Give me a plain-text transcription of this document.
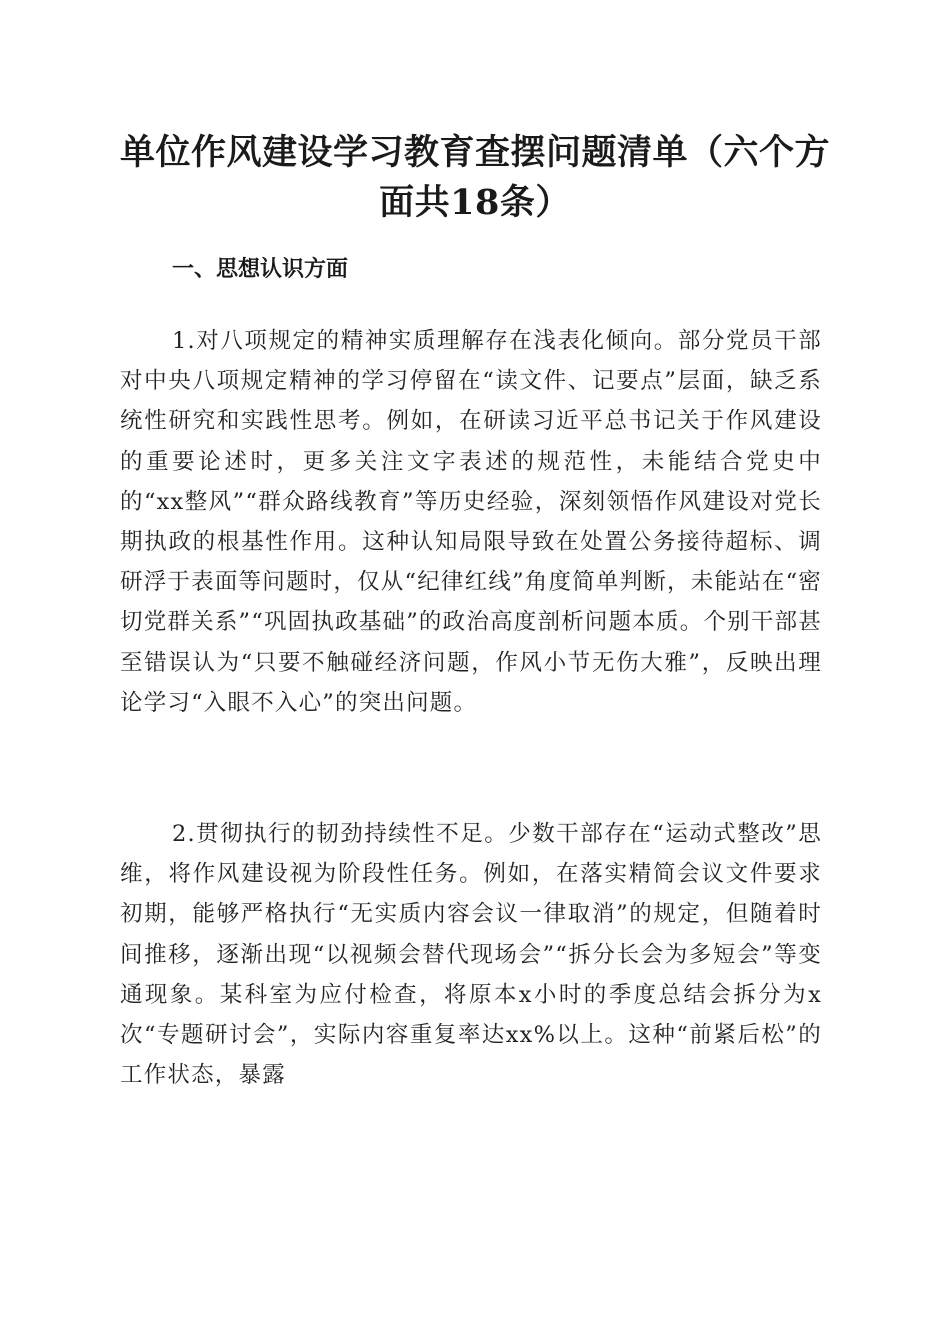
单位作风建设学习教育查摆问题清单（六个方面共18条）
一、思想认识方面

1.对八项规定的精神实质理解存在浅表化倾向。部分党员干部对中央八项规定精神的学习停留在“读文件、记要点”层面，缺乏系统性研究和实践性思考。例如，在研读习近平总书记关于作风建设的重要论述时，更多关注文字表述的规范性，未能结合党史中的“xx整风”“群众路线教育”等历史经验，深刻领悟作风建设对党长期执政的根基性作用。这种认知局限导致在处置公务接待超标、调研浮于表面等问题时，仅从“纪律红线”角度简单判断，未能站在“密切党群关系”“巩固执政基础”的政治高度剖析问题本质。个别干部甚至错误认为“只要不触碰经济问题，作风小节无伤大雅”，反映出理论学习“入眼不入心”的突出问题。

2.贯彻执行的韧劲持续性不足。少数干部存在“运动式整改”思维，将作风建设视为阶段性任务。例如，在落实精简会议文件要求初期，能够严格执行“无实质内容会议一律取消”的规定，但随着时间推移，逐渐出现“以视频会替代现场会”“拆分长会为多短会”等变通现象。某科室为应付检查，将原本x小时的季度总结会拆分为x次“专题研讨会”，实际内容重复率达xx%以上。这种“前紧后松”的工作状态，暴露
